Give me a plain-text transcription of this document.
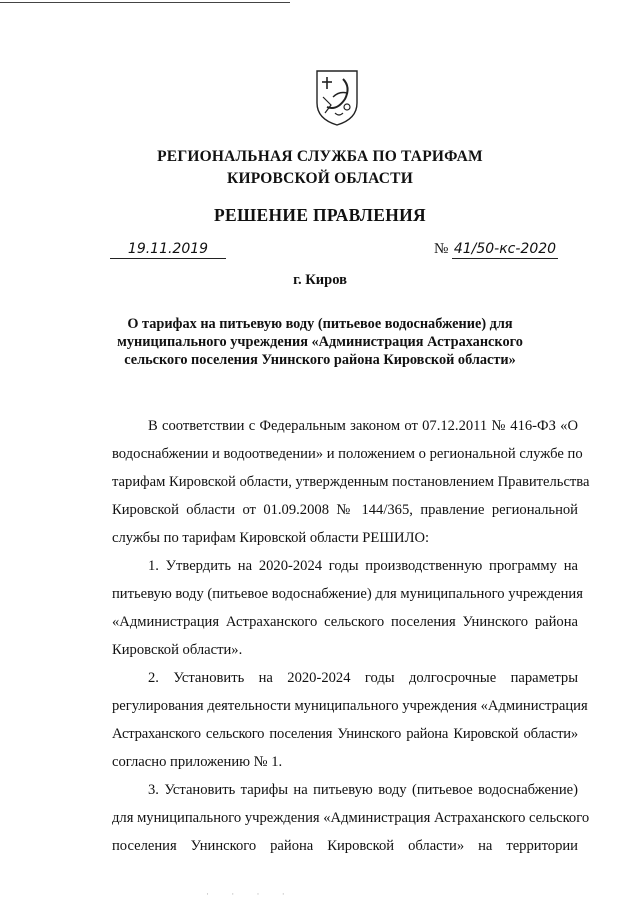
РЕГИОНАЛЬНАЯ СЛУЖБА ПО ТАРИФАМ
КИРОВСКОЙ ОБЛАСТИ
РЕШЕНИЕ ПРАВЛЕНИЯ
19.11.2019	№ 41/50-кс-2020
г. Киров
О тарифах на питьевую воду (питьевое водоснабжение) для
муниципального учреждения «Администрация Астраханского
сельского поселения Унинского района Кировской области»
В соответствии с Федеральным законом от 07.12.2011 № 416-ФЗ «О
водоснабжении и водоотведении» и положением о региональной службе по
тарифам Кировской области, утвержденным постановлением Правительства
Кировской области от 01.09.2008 № 144/365, правление региональной
службы по тарифам Кировской области РЕШИЛО:
1. Утвердить на 2020-2024 годы производственную программу на
питьевую воду (питьевое водоснабжение) для муниципального учреждения
«Администрация Астраханского сельского поселения Унинского района
Кировской области».
2. Установить на 2020-2024 годы долгосрочные параметры
регулирования деятельности муниципального учреждения «Администрация
Астраханского сельского поселения Унинского района Кировской области»
согласно приложению № 1.
3. Установить тарифы на питьевую воду (питьевое водоснабжение)
для муниципального учреждения «Администрация Астраханского сельского
поселения Унинского района Кировской области» на территории
· · · ·
